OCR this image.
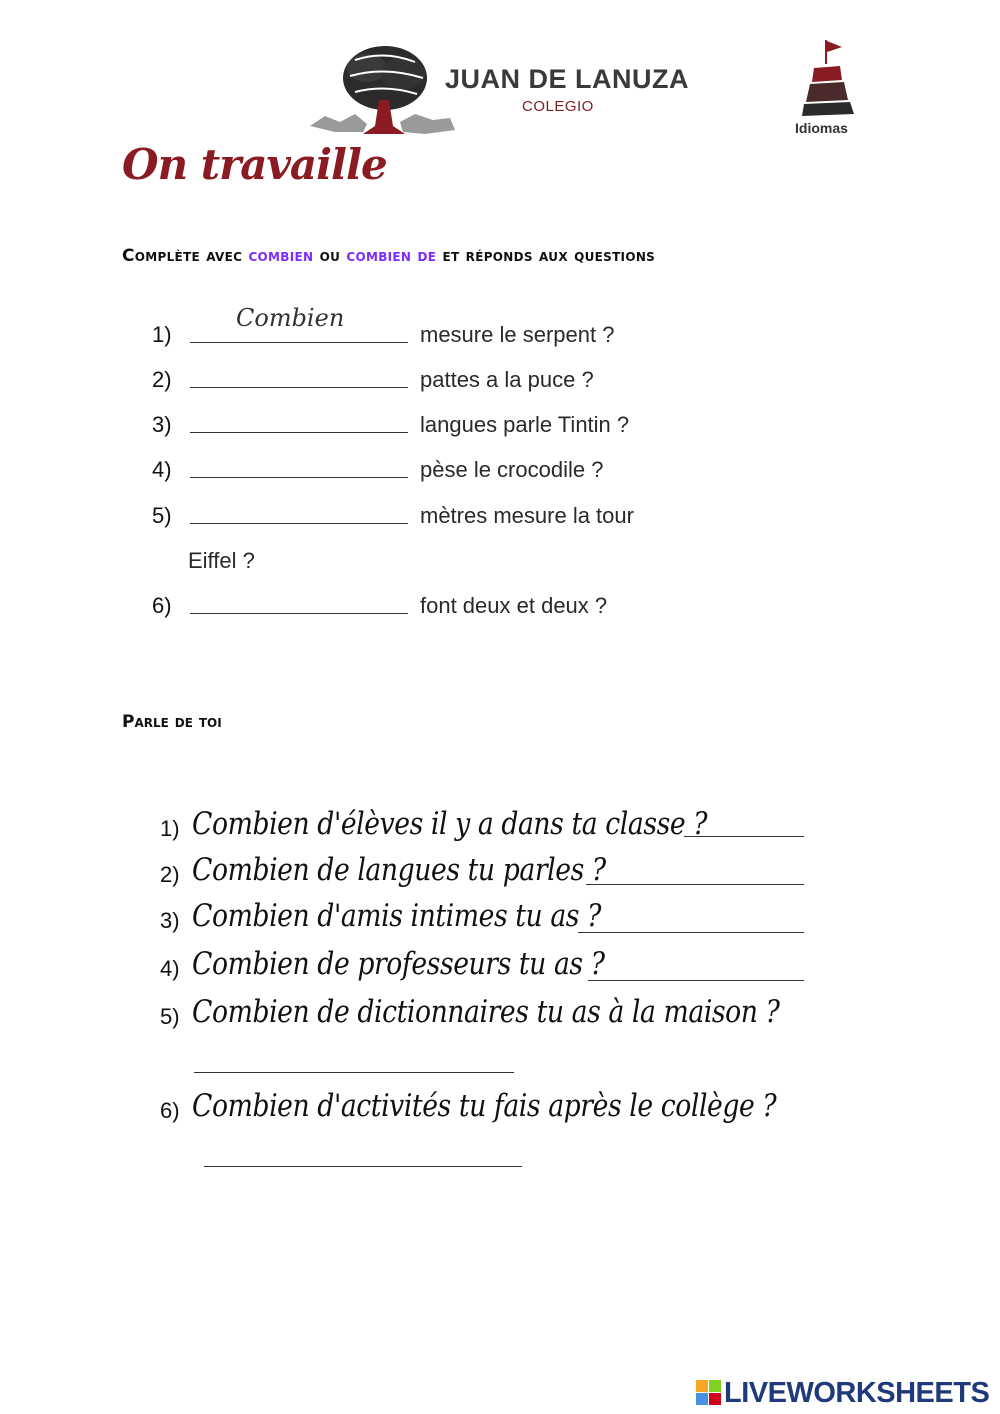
JUAN DE LANUZA
COLEGIO
Idiomas
On travaille
Complète avec combien ou combien de et réponds aux questions
1)
Combien
mesure le serpent ?
2)	pattes a la puce ?
3)	langues parle Tintin ?
4)	pèse le crocodile ?
5)	mètres mesure la tour
Eiffel ?
6)	font deux et deux ?
Parle de toi
1) Combien d'élèves il y a dans ta classe ?
2) Combien de langues tu parles ?
3) Combien d'amis intimes tu as ?
4) Combien de professeurs tu as ?
5) Combien de dictionnaires tu as à la maison ?
6) Combien d'activités tu fais après le collège ?
LIVEWORKSHEETS
